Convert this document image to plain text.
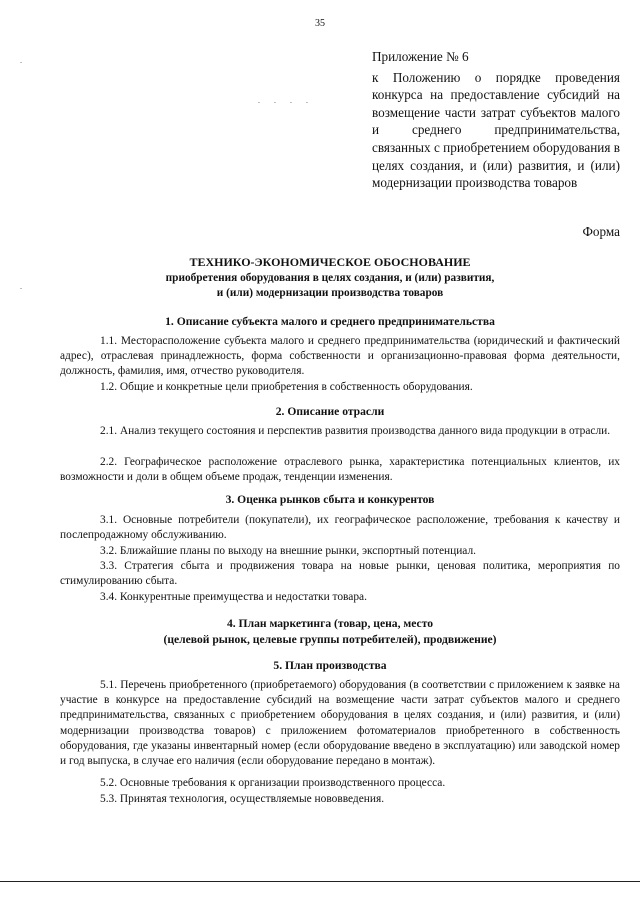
35
.
.
. . . .
Приложение № 6
к Положению о порядке проведения конкурса на предоставление субсидий на возмещение части затрат субъектов малого и среднего предпринимательства, связанных с приобретением оборудования в целях создания, и (или) развития, и (или) модернизации производства товаров
Форма
ТЕХНИКО-ЭКОНОМИЧЕСКОЕ ОБОСНОВАНИЕ
приобретения оборудования в целях создания, и (или) развития,
и (или) модернизации производства товаров
1. Описание субъекта малого и среднего предпринимательства
1.1. Месторасположение субъекта малого и среднего предпринимательства (юридический и фактический адрес), отраслевая принадлежность, форма собственности и организационно-правовая форма деятельности, должность, фамилия, имя, отчество руководителя.
1.2. Общие и конкретные цели приобретения в собственность оборудования.
2. Описание отрасли
2.1. Анализ текущего состояния и перспектив развития производства данного вида продукции в отрасли.
2.2. Географическое расположение отраслевого рынка, характеристика потенциальных клиентов, их возможности и доли в общем объеме продаж, тенденции изменения.
3. Оценка рынков сбыта и конкурентов
3.1. Основные потребители (покупатели), их географическое расположение, требования к качеству и послепродажному обслуживанию.
3.2. Ближайшие планы по выходу на внешние рынки, экспортный потенциал.
3.3. Стратегия сбыта и продвижения товара на новые рынки, ценовая политика, мероприятия по стимулированию сбыта.
3.4. Конкурентные преимущества и недостатки товара.
4. План маркетинга (товар, цена, место
(целевой рынок, целевые группы потребителей), продвижение)
5. План производства
5.1. Перечень приобретенного (приобретаемого) оборудования (в соответствии с приложением к заявке на участие в конкурсе на предоставление субсидий на возмещение части затрат субъектов малого и среднего предпринимательства, связанных с приобретением оборудования в целях создания, и (или) развития, и (или) модернизации производства товаров) с приложением фотоматериалов приобретенного в собственность оборудования, где указаны инвентарный номер (если оборудование введено в эксплуатацию) или заводской номер и год выпуска, в случае его наличия (если оборудование передано в монтаж).
5.2. Основные требования к организации производственного процесса.
5.3. Принятая технология, осуществляемые нововведения.
